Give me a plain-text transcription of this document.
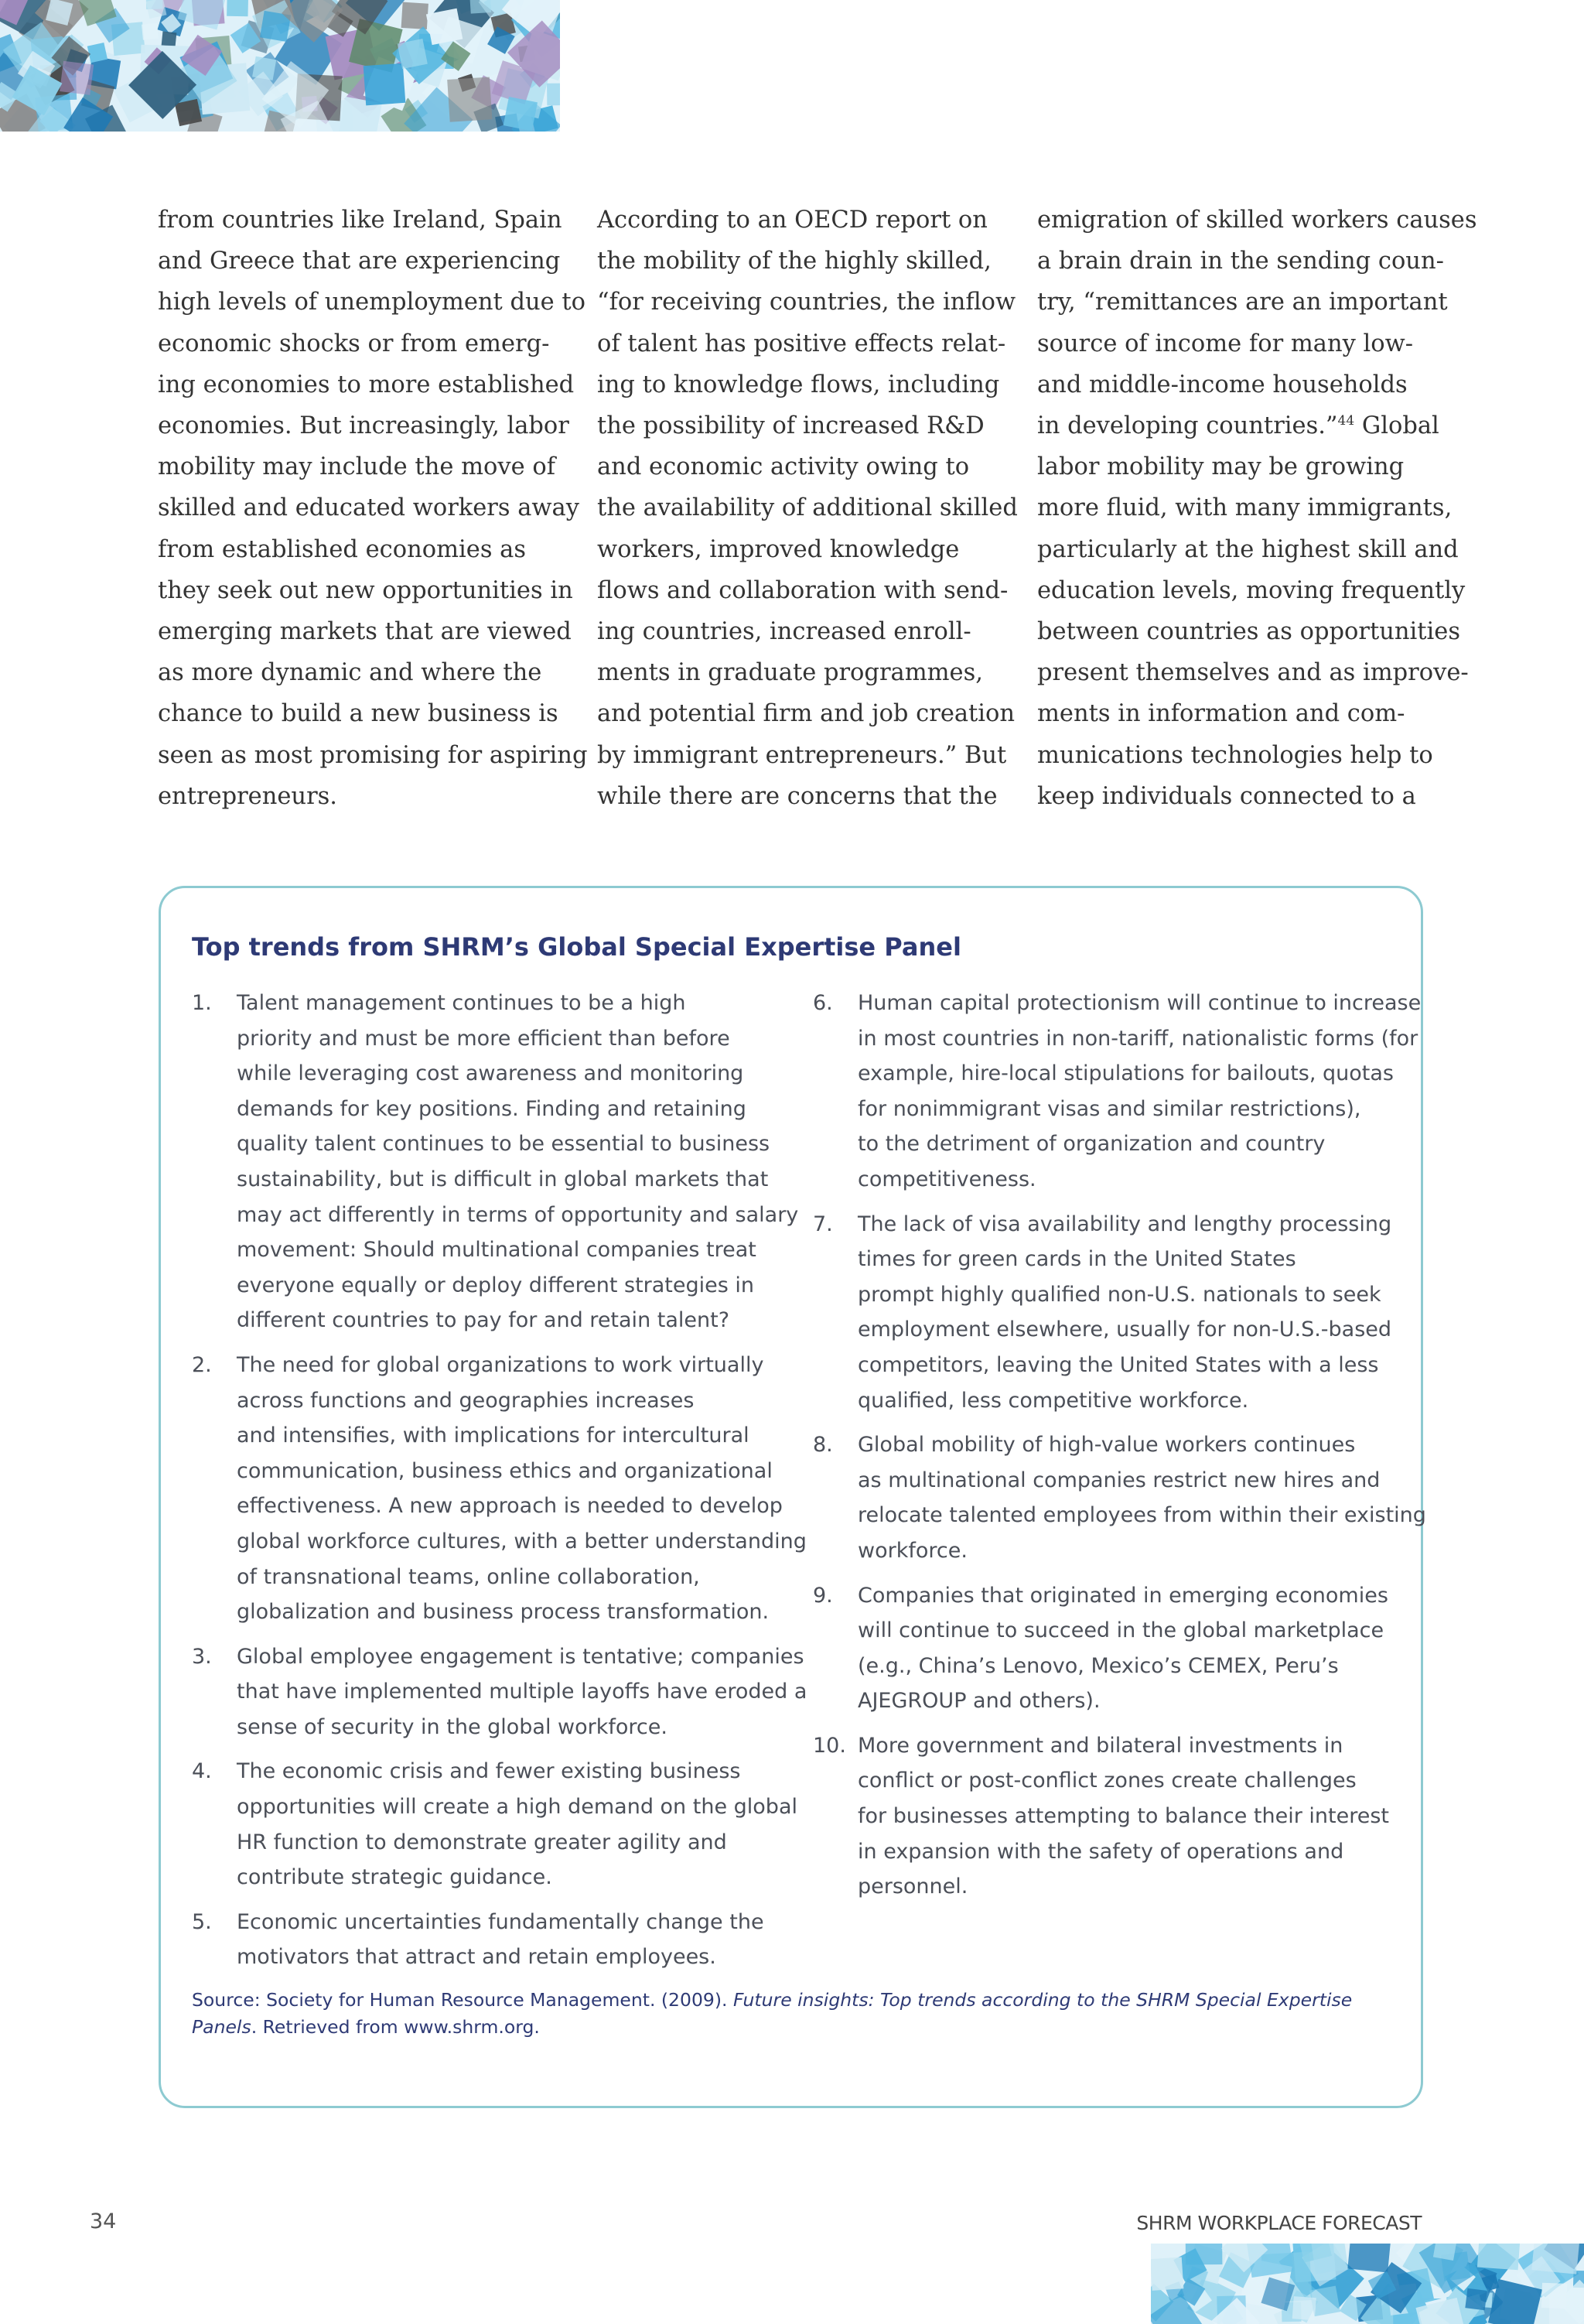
from countries like Ireland, Spain
and Greece that are experiencing
high levels of unemployment due to
economic shocks or from emerg-
ing economies to more established
economies. But increasingly, labor
mobility may include the move of
skilled and educated workers away
from established economies as
they seek out new opportunities in
emerging markets that are viewed
as more dynamic and where the
chance to build a new business is
seen as most promising for aspiring
entrepreneurs.
According to an OECD report on
the mobility of the highly skilled,
“for receiving countries, the inflow
of talent has positive effects relat-
ing to knowledge flows, including
the possibility of increased R&D
and economic activity owing to
the availability of additional skilled
workers, improved knowledge
flows and collaboration with send-
ing countries, increased enroll-
ments in graduate programmes,
and potential firm and job creation
by immigrant entrepreneurs.” But
while there are concerns that the
emigration of skilled workers causes
a brain drain in the sending coun-
try, “remittances are an important
source of income for many low-
and middle-income households
in developing countries.”$^{44}$ Global
labor mobility may be growing
more fluid, with many immigrants,
particularly at the highest skill and
education levels, moving frequently
between countries as opportunities
present themselves and as improve-
ments in information and com-
munications technologies help to
keep individuals connected to a
Top trends from SHRM’s Global Special Expertise Panel
1. Talent management continues to be a high
priority and must be more efficient than before
while leveraging cost awareness and monitoring
demands for key positions. Finding and retaining
quality talent continues to be essential to business
sustainability, but is difficult in global markets that
may act differently in terms of opportunity and salary
movement: Should multinational companies treat
everyone equally or deploy different strategies in
different countries to pay for and retain talent?
2. The need for global organizations to work virtually
across functions and geographies increases
and intensifies, with implications for intercultural
communication, business ethics and organizational
effectiveness. A new approach is needed to develop
global workforce cultures, with a better understanding
of transnational teams, online collaboration,
globalization and business process transformation.
3. Global employee engagement is tentative; companies
that have implemented multiple layoffs have eroded a
sense of security in the global workforce.
4. The economic crisis and fewer existing business
opportunities will create a high demand on the global
HR function to demonstrate greater agility and
contribute strategic guidance.
5. Economic uncertainties fundamentally change the
motivators that attract and retain employees.
6. Human capital protectionism will continue to increase
in most countries in non-tariff, nationalistic forms (for
example, hire-local stipulations for bailouts, quotas
for nonimmigrant visas and similar restrictions),
to the detriment of organization and country
competitiveness.
7. The lack of visa availability and lengthy processing
times for green cards in the United States
prompt highly qualified non-U.S. nationals to seek
employment elsewhere, usually for non-U.S.-based
competitors, leaving the United States with a less
qualified, less competitive workforce.
8. Global mobility of high-value workers continues
as multinational companies restrict new hires and
relocate talented employees from within their existing
workforce.
9. Companies that originated in emerging economies
will continue to succeed in the global marketplace
(e.g., China’s Lenovo, Mexico’s CEMEX, Peru’s
AJEGROUP and others).
10. More government and bilateral investments in
conflict or post-conflict zones create challenges
for businesses attempting to balance their interest
in expansion with the safety of operations and
personnel.

Source: Society for Human Resource Management. (2009). Future insights: Top trends according to the SHRM Special Expertise
Panels. Retrieved from www.shrm.org.

34	SHRM WORKPLACE FORECAST
